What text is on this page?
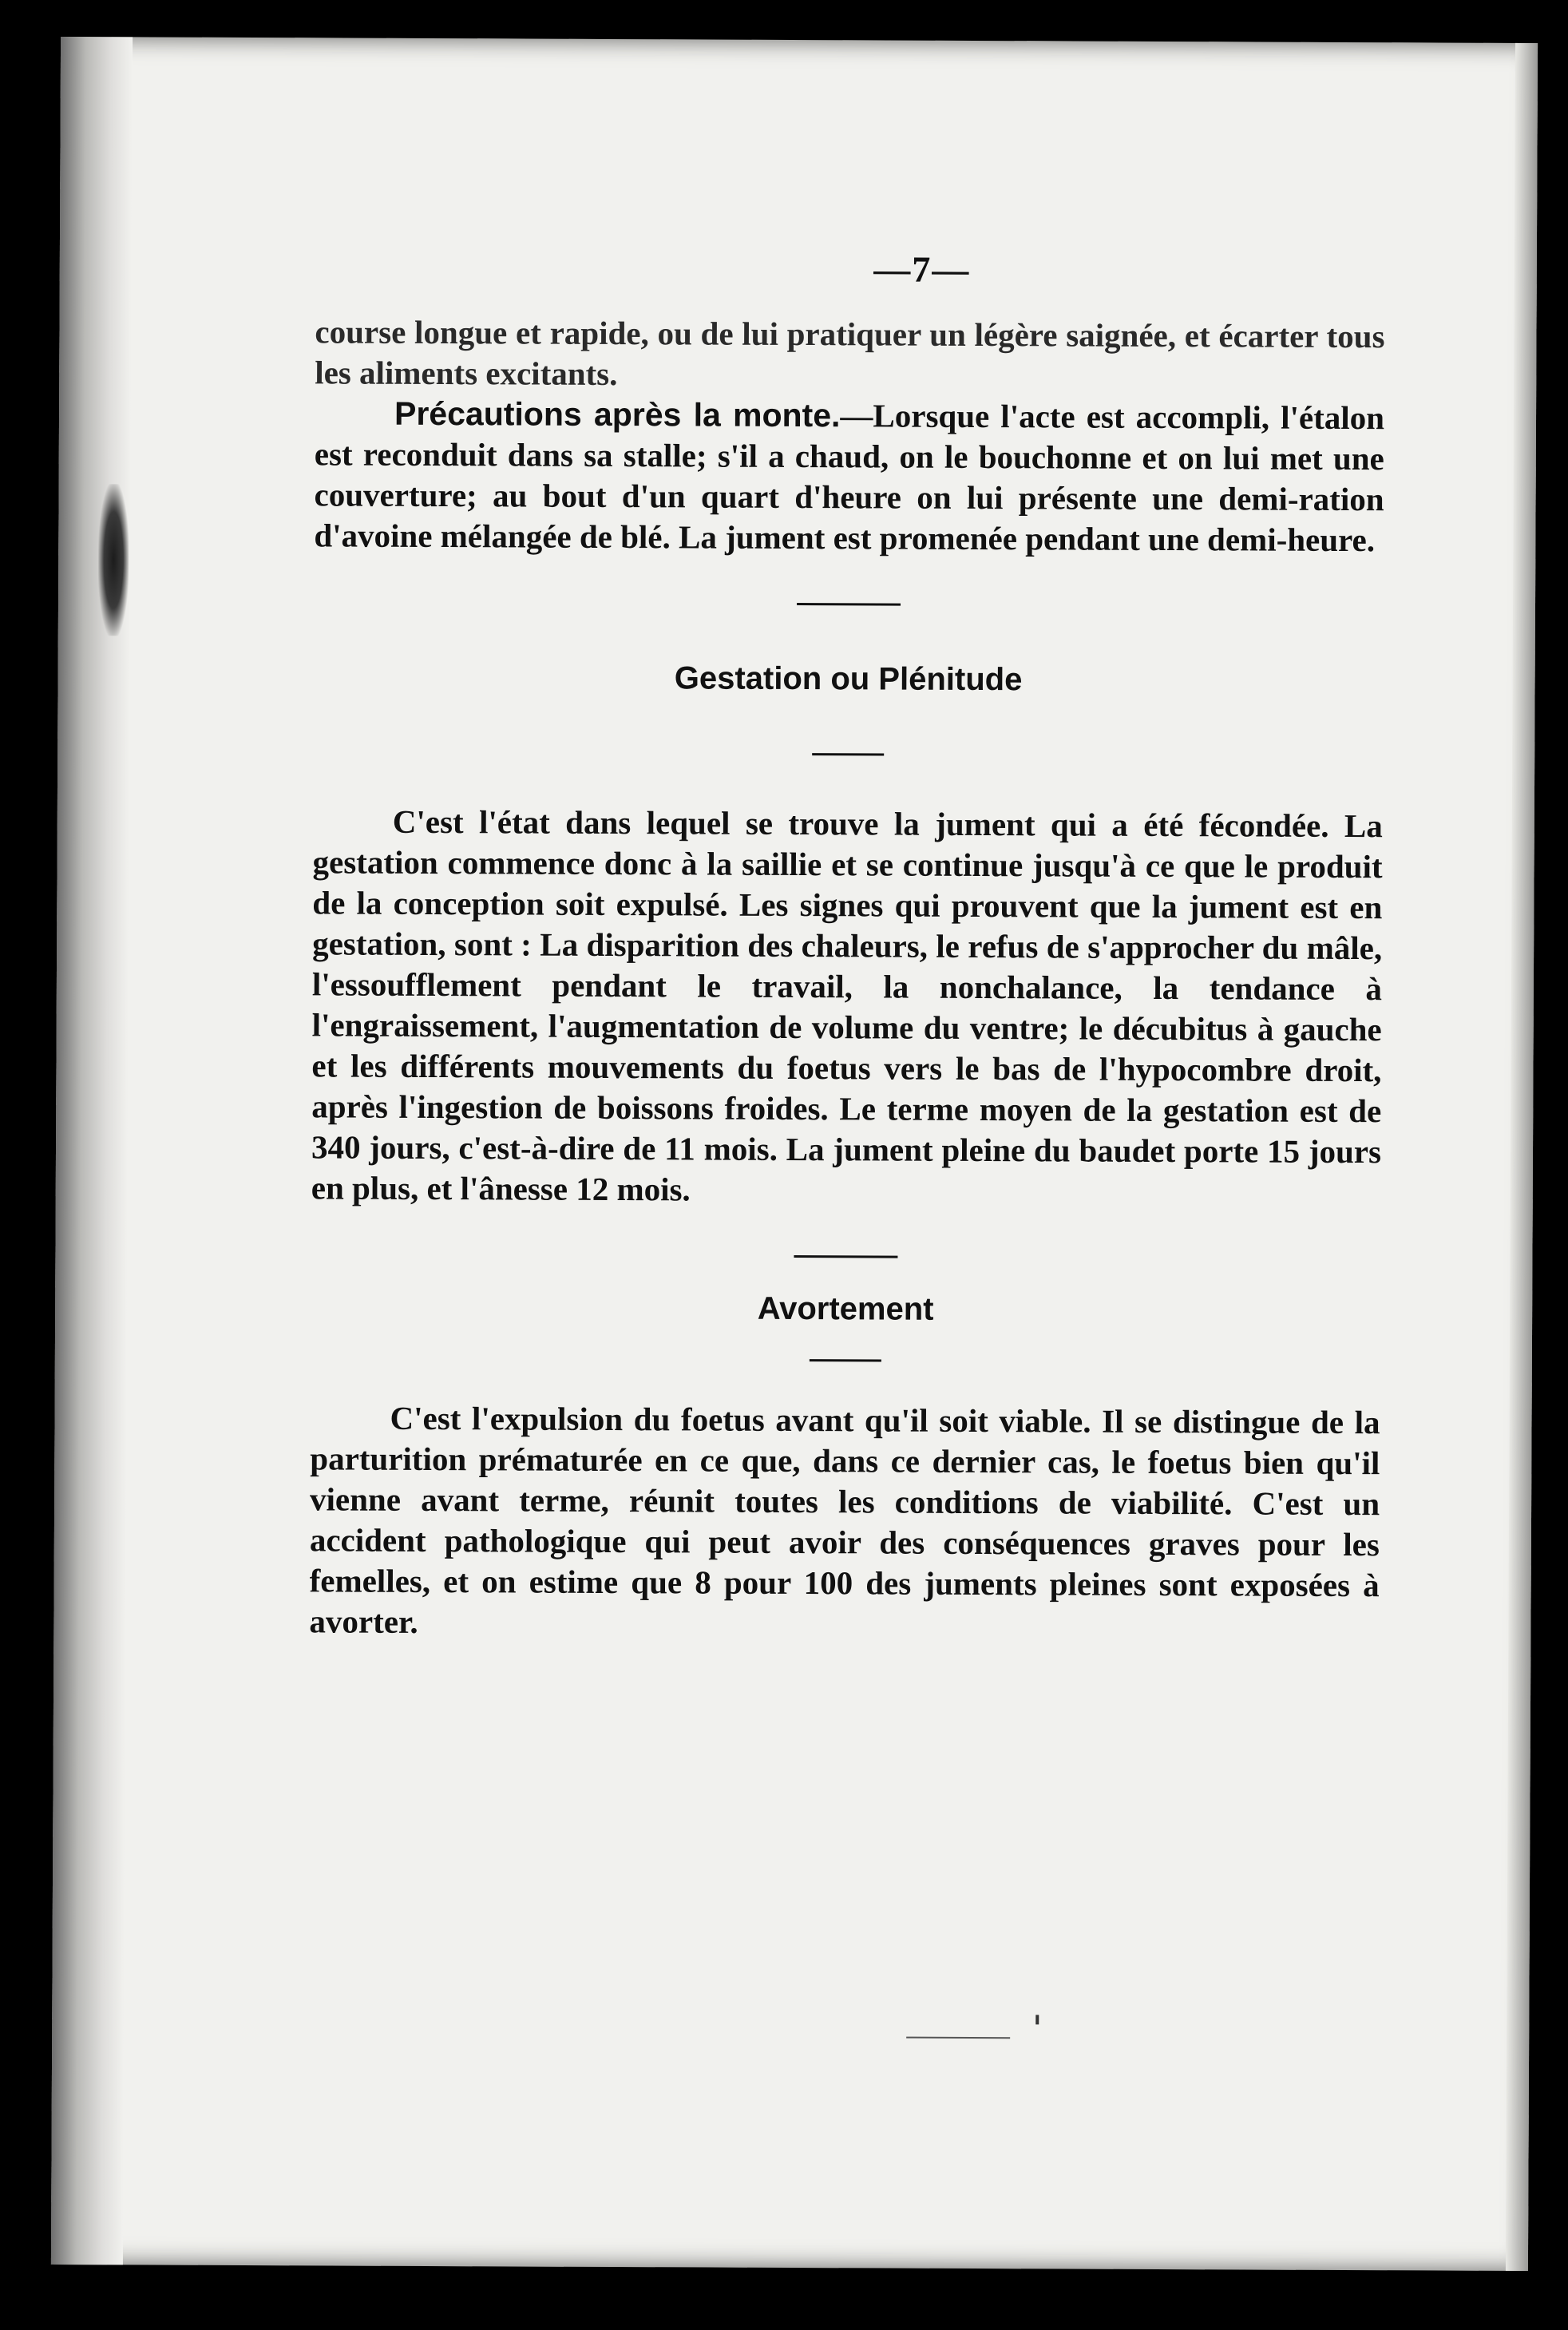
—7—

course longue et rapide, ou de lui pratiquer un légère saignée, et écarter tous les aliments excitants.

Précautions après la monte.—Lorsque l'acte est accompli, l'étalon est reconduit dans sa stalle; s'il a chaud, on le bouchonne et on lui met une couverture; au bout d'un quart d'heure on lui présente une demi-ration d'avoine mélangée de blé. La jument est promenée pendant une demi-heure.

Gestation ou Plénitude

C'est l'état dans lequel se trouve la jument qui a été fécondée. La gestation commence donc à la saillie et se continue jusqu'à ce que le produit de la conception soit expulsé. Les signes qui prouvent que la jument est en gestation, sont : La disparition des chaleurs, le refus de s'approcher du mâle, l'essoufflement pendant le travail, la nonchalance, la tendance à l'engraissement, l'augmentation de volume du ventre; le décubitus à gauche et les différents mouvements du foetus vers le bas de l'hypocombre droit, après l'ingestion de boissons froides. Le terme moyen de la gestation est de 340 jours, c'est-à-dire de 11 mois. La jument pleine du baudet porte 15 jours en plus, et l'ânesse 12 mois.

Avortement

C'est l'expulsion du foetus avant qu'il soit viable. Il se distingue de la parturition prématurée en ce que, dans ce dernier cas, le foetus bien qu'il vienne avant terme, réunit toutes les conditions de viabilité. C'est un accident pathologique qui peut avoir des conséquences graves pour les femelles, et on estime que 8 pour 100 des juments pleines sont exposées à avorter.
